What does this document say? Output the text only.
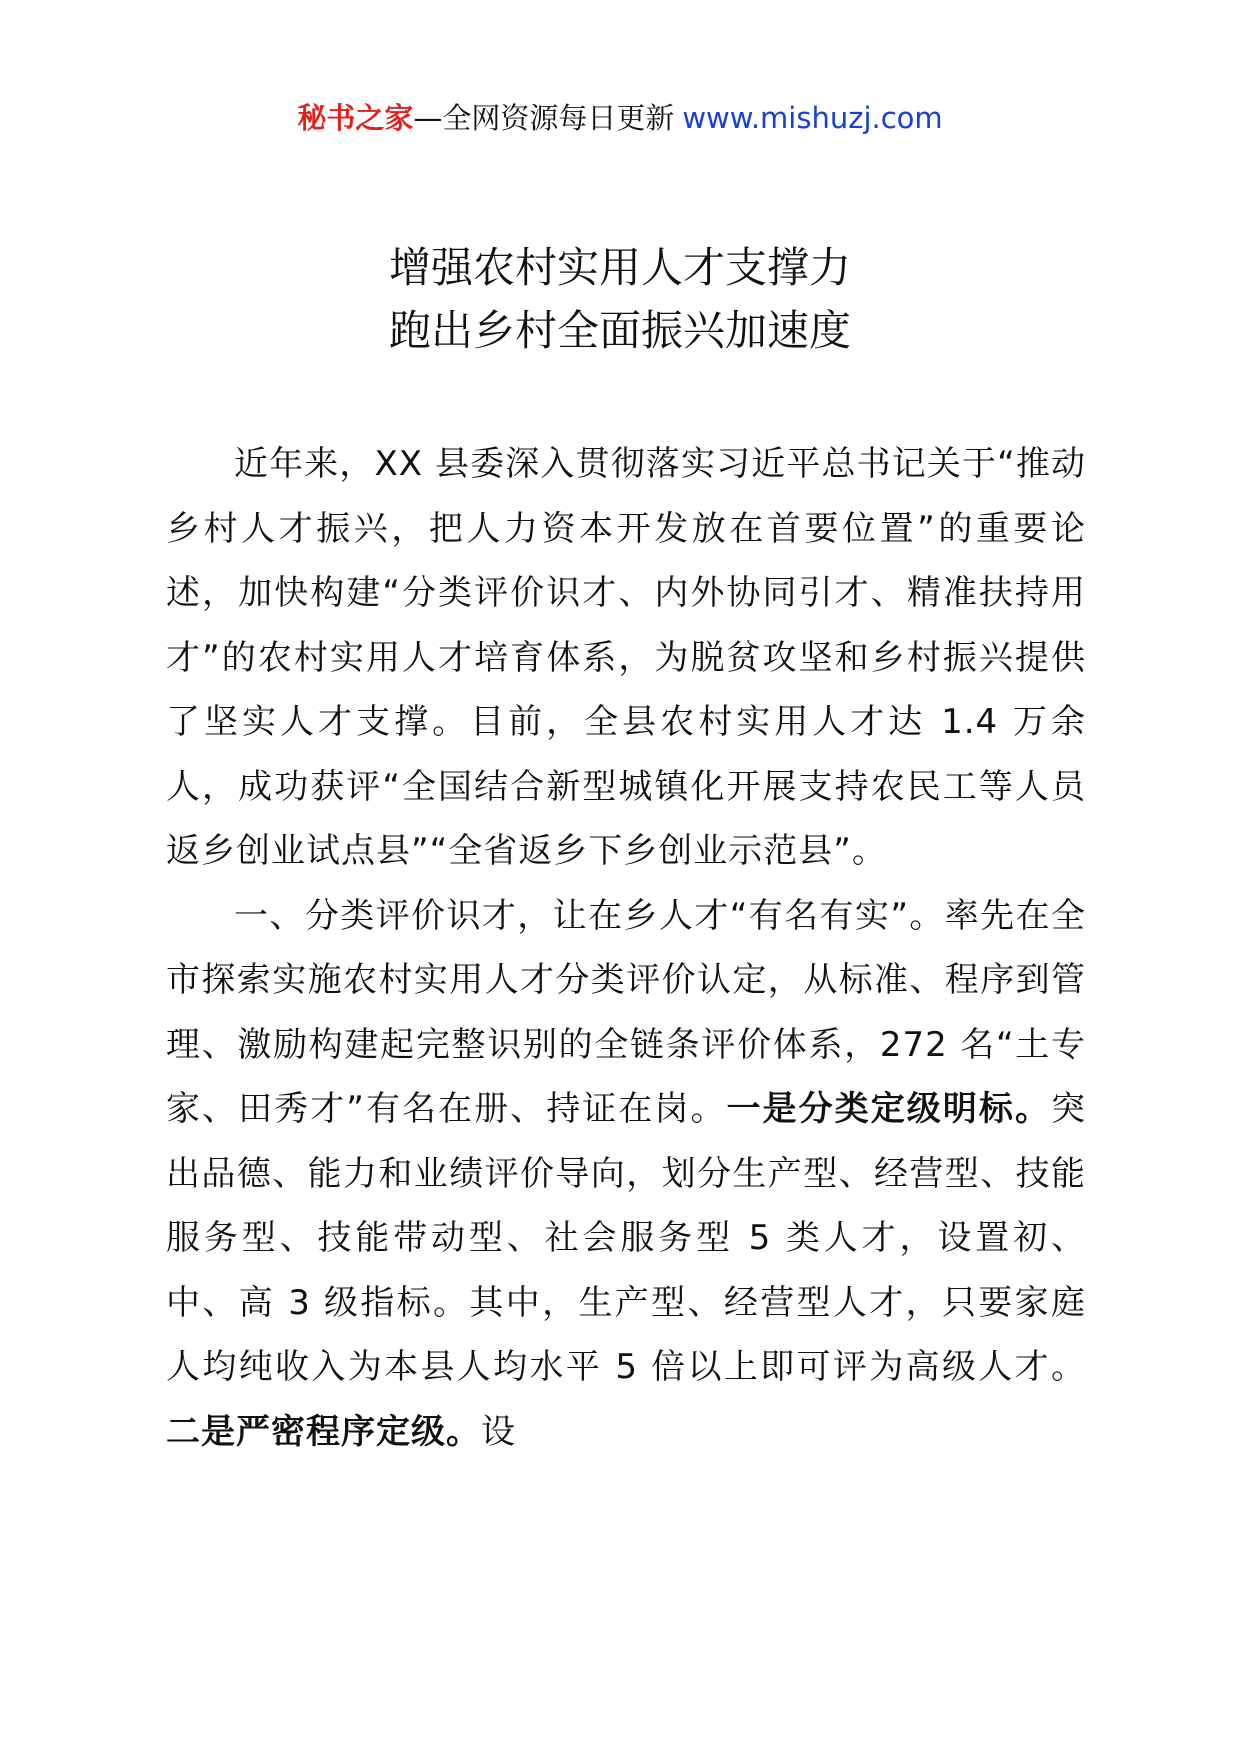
秘书之家—全网资源每日更新 www.mishuzj.com
增强农村实用人才支撑力
跑出乡村全面振兴加速度

近年来，XX 县委深入贯彻落实习近平总书记关于“推动乡村人才振兴，把人力资本开发放在首要位置”的重要论述，加快构建“分类评价识才、内外协同引才、精准扶持用才”的农村实用人才培育体系，为脱贫攻坚和乡村振兴提供了坚实人才支撑。目前，全县农村实用人才达 1.4 万余人，成功获评“全国结合新型城镇化开展支持农民工等人员返乡创业试点县”“全省返乡下乡创业示范县”。

一、分类评价识才，让在乡人才“有名有实”。率先在全市探索实施农村实用人才分类评价认定，从标准、程序到管理、激励构建起完整识别的全链条评价体系，272 名“土专家、田秀才”有名在册、持证在岗。一是分类定级明标。突出品德、能力和业绩评价导向，划分生产型、经营型、技能服务型、技能带动型、社会服务型 5 类人才，设置初、中、高 3 级指标。其中，生产型、经营型人才，只要家庭人均纯收入为本县人均水平 5 倍以上即可评为高级人才。二是严密程序定级。设
